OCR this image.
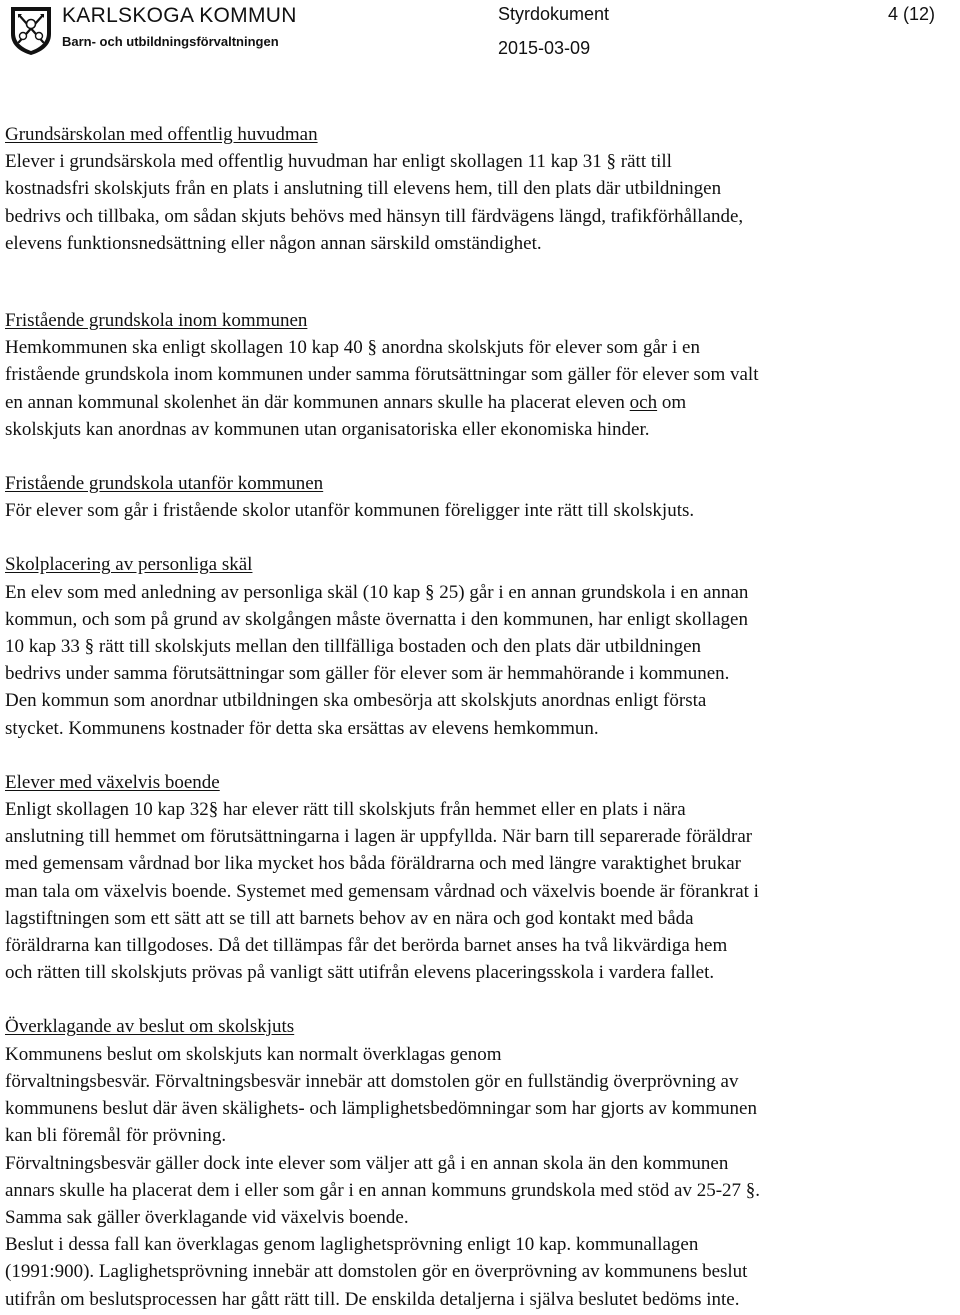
KARLSKOGA KOMMUN
Barn- och utbildningsförvaltningen
Styrdokument	4 (12)
2015-03-09

Grundsärskolan med offentlig huvudman

Elever i grundsärskola med offentlig huvudman har enligt skollagen 11 kap 31 § rätt till

kostnadsfri skolskjuts från en plats i anslutning till elevens hem, till den plats där utbildningen

bedrivs och tillbaka, om sådan skjuts behövs med hänsyn till färdvägens längd, trafikförhållande,

elevens funktionsnedsättning eller någon annan särskild omständighet.

Fristående grundskola inom kommunen

Hemkommunen ska enligt skollagen 10 kap 40 § anordna skolskjuts för elever som går i en

fristående grundskola inom kommunen under samma förutsättningar som gäller för elever som valt

en annan kommunal skolenhet än där kommunen annars skulle ha placerat eleven och om

skolskjuts kan anordnas av kommunen utan organisatoriska eller ekonomiska hinder.

Fristående grundskola utanför kommunen

För elever som går i fristående skolor utanför kommunen föreligger inte rätt till skolskjuts.

Skolplacering av personliga skäl

En elev som med anledning av personliga skäl (10 kap § 25) går i en annan grundskola i en annan

kommun, och som på grund av skolgången måste övernatta i den kommunen, har enligt skollagen

10 kap 33 § rätt till skolskjuts mellan den tillfälliga bostaden och den plats där utbildningen

bedrivs under samma förutsättningar som gäller för elever som är hemmahörande i kommunen.

Den kommun som anordnar utbildningen ska ombesörja att skolskjuts anordnas enligt första

stycket. Kommunens kostnader för detta ska ersättas av elevens hemkommun.

Elever med växelvis boende

Enligt skollagen 10 kap 32§ har elever rätt till skolskjuts från hemmet eller en plats i nära

anslutning till hemmet om förutsättningarna i lagen är uppfyllda. När barn till separerade föräldrar

med gemensam vårdnad bor lika mycket hos båda föräldrarna och med längre varaktighet brukar

man tala om växelvis boende. Systemet med gemensam vårdnad och växelvis boende är förankrat i

lagstiftningen som ett sätt att se till att barnets behov av en nära och god kontakt med båda

föräldrarna kan tillgodoses. Då det tillämpas får det berörda barnet anses ha två likvärdiga hem

och rätten till skolskjuts prövas på vanligt sätt utifrån elevens placeringsskola i vardera fallet.

Överklagande av beslut om skolskjuts

Kommunens beslut om skolskjuts kan normalt överklagas genom

förvaltningsbesvär. Förvaltningsbesvär innebär att domstolen gör en fullständig överprövning av

kommunens beslut där även skälighets- och lämplighetsbedömningar som har gjorts av kommunen

kan bli föremål för prövning.

Förvaltningsbesvär gäller dock inte elever som väljer att gå i en annan skola än den kommunen

annars skulle ha placerat dem i eller som går i en annan kommuns grundskola med stöd av 25-27 §.

Samma sak gäller överklagande vid växelvis boende.

Beslut i dessa fall kan överklagas genom laglighetsprövning enligt 10 kap. kommunallagen

(1991:900). Laglighetsprövning innebär att domstolen gör en överprövning av kommunens beslut

utifrån om beslutsprocessen har gått rätt till. De enskilda detaljerna i själva beslutet bedöms inte.
